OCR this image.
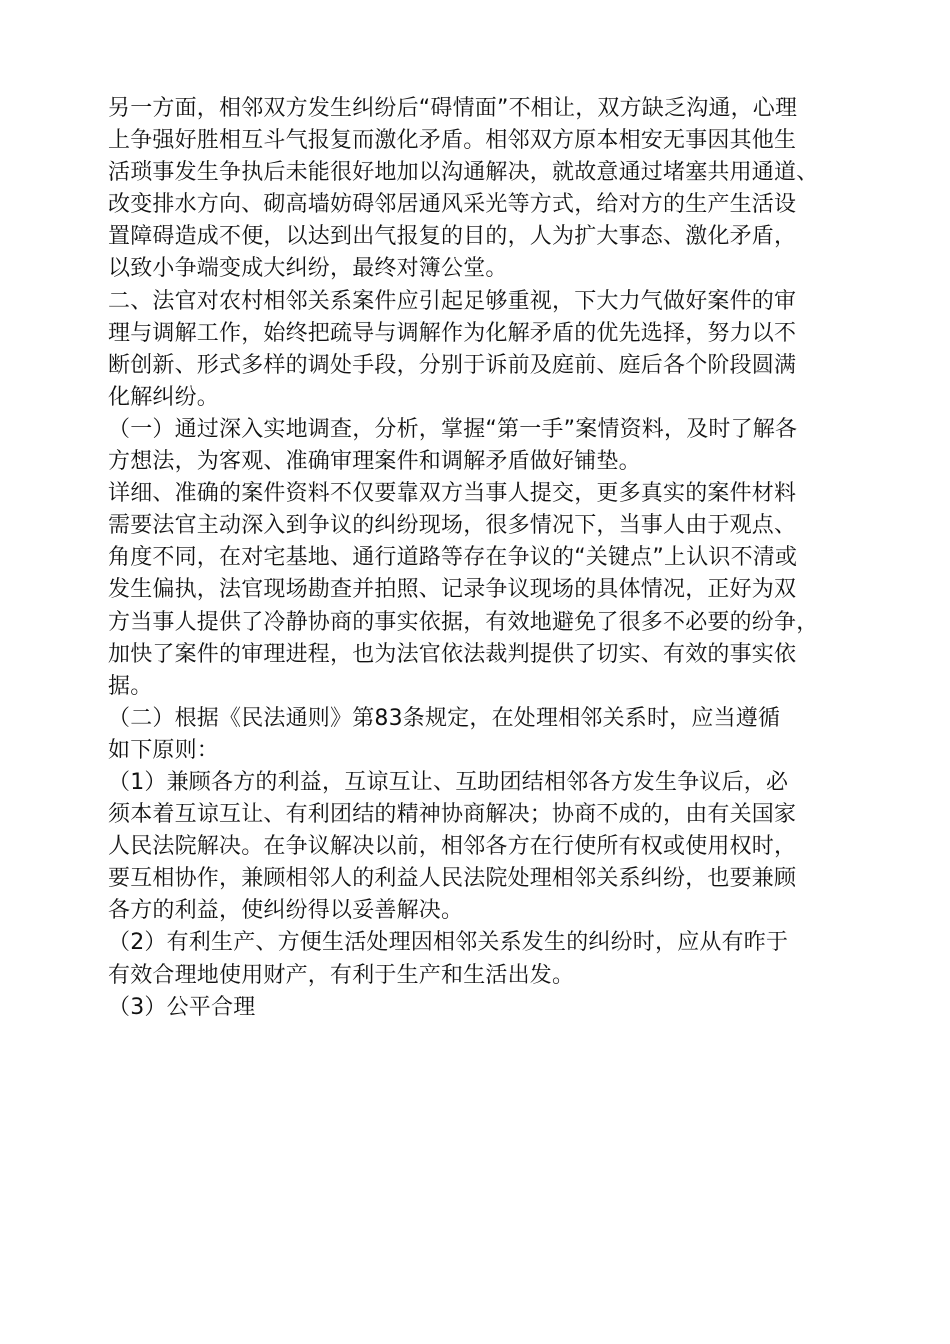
另一方面，相邻双方发生纠纷后“碍情面”不相让，双方缺乏沟通，心理
上争强好胜相互斗气报复而激化矛盾。相邻双方原本相安无事因其他生
活琐事发生争执后未能很好地加以沟通解决，就故意通过堵塞共用通道、
改变排水方向、砌高墙妨碍邻居通风采光等方式，给对方的生产生活设
置障碍造成不便，以达到出气报复的目的，人为扩大事态、激化矛盾，
以致小争端变成大纠纷，最终对簿公堂。
二、法官对农村相邻关系案件应引起足够重视，下大力气做好案件的审
理与调解工作，始终把疏导与调解作为化解矛盾的优先选择，努力以不
断创新、形式多样的调处手段，分别于诉前及庭前、庭后各个阶段圆满
化解纠纷。
（一）通过深入实地调查，分析，掌握“第一手”案情资料，及时了解各
方想法，为客观、准确审理案件和调解矛盾做好铺垫。
详细、准确的案件资料不仅要靠双方当事人提交，更多真实的案件材料
需要法官主动深入到争议的纠纷现场，很多情况下，当事人由于观点、
角度不同，在对宅基地、通行道路等存在争议的“关键点”上认识不清或
发生偏执，法官现场勘查并拍照、记录争议现场的具体情况，正好为双
方当事人提供了冷静协商的事实依据，有效地避免了很多不必要的纷争，
加快了案件的审理进程，也为法官依法裁判提供了切实、有效的事实依
据。
（二）根据《民法通则》第83条规定，在处理相邻关系时，应当遵循
如下原则：
（1）兼顾各方的利益，互谅互让、互助团结相邻各方发生争议后，必
须本着互谅互让、有利团结的精神协商解决；协商不成的，由有关国家
人民法院解决。在争议解决以前，相邻各方在行使所有权或使用权时，
要互相协作，兼顾相邻人的利益人民法院处理相邻关系纠纷，也要兼顾
各方的利益，使纠纷得以妥善解决。
（2）有利生产、方便生活处理因相邻关系发生的纠纷时，应从有昨于
有效合理地使用财产，有利于生产和生活出发。
（3）公平合理
